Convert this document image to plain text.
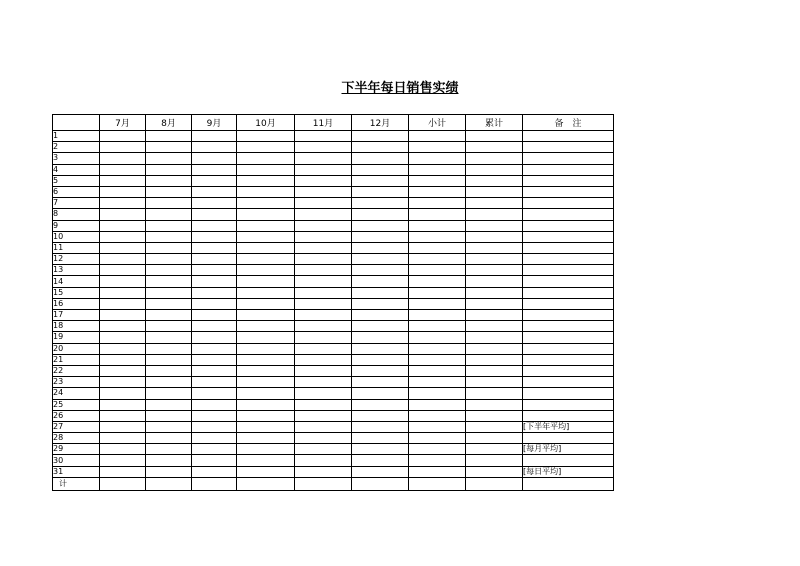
下半年每日销售实绩
	7月	8月	9月	10月	11月	12月	小计	累计	备　注
1									
2									
3									
4									
5									
6									
7									
8									
9									
10									
11									
12									
13									
14									
15									
16									
17									
18									
19									
20									
21									
22									
23									
24									
25									
26									
27									[下半年平均]
28									
29									[每月平均]
30									
31									[每日平均]
计									
